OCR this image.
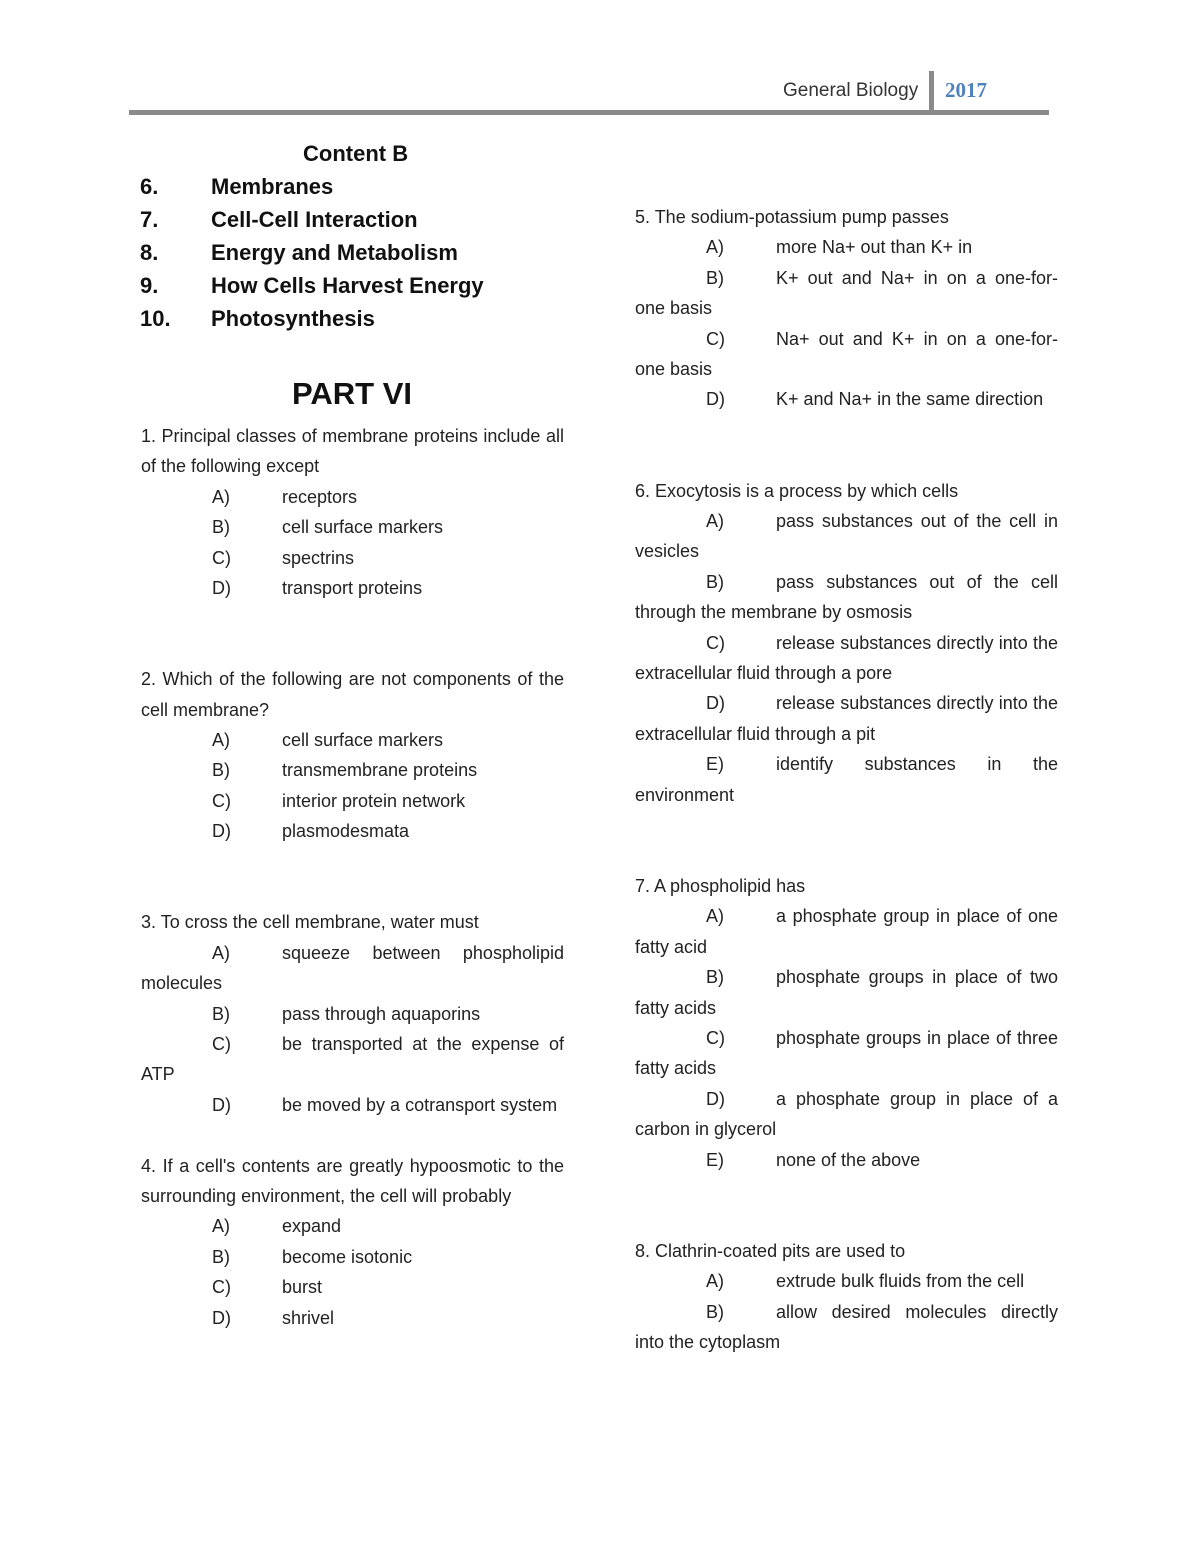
General Biology 2017
Content B
6. Membranes
7. Cell-Cell Interaction
8. Energy and Metabolism
9. How Cells Harvest Energy
10. Photosynthesis
PART VI
1. Principal classes of membrane proteins include all of the following except
A)	receptors
B)	cell surface markers
C)	spectrins
D)	transport proteins
2. Which of the following are not components of the cell membrane?
A)	cell surface markers
B)	transmembrane proteins
C)	interior protein network
D)	plasmodesmata
3. To cross the cell membrane, water must
A)	squeeze between phospholipid molecules
B)	pass through aquaporins
C)	be transported at the expense of ATP
D)	be moved by a cotransport system
4. If a cell's contents are greatly hypoosmotic to the surrounding environment, the cell will probably
A)	expand
B)	become isotonic
C)	burst
D)	shrivel
5. The sodium-potassium pump passes
A)	more Na+ out than K+ in
B)	K+ out and Na+ in on a one-for-one basis
C)	Na+ out and K+ in on a one-for-one basis
D)	K+ and Na+ in the same direction
6. Exocytosis is a process by which cells
A)	pass substances out of the cell in vesicles
B)	pass substances out of the cell through the membrane by osmosis
C)	release substances directly into the extracellular fluid through a pore
D)	release substances directly into the extracellular fluid through a pit
E)	identify substances in the environment
7. A phospholipid has
A)	a phosphate group in place of one fatty acid
B)	phosphate groups in place of two fatty acids
C)	phosphate groups in place of three fatty acids
D)	a phosphate group in place of a carbon in glycerol
E)	none of the above
8. Clathrin-coated pits are used to
A)	extrude bulk fluids from the cell
B)	allow desired molecules directly into the cytoplasm
